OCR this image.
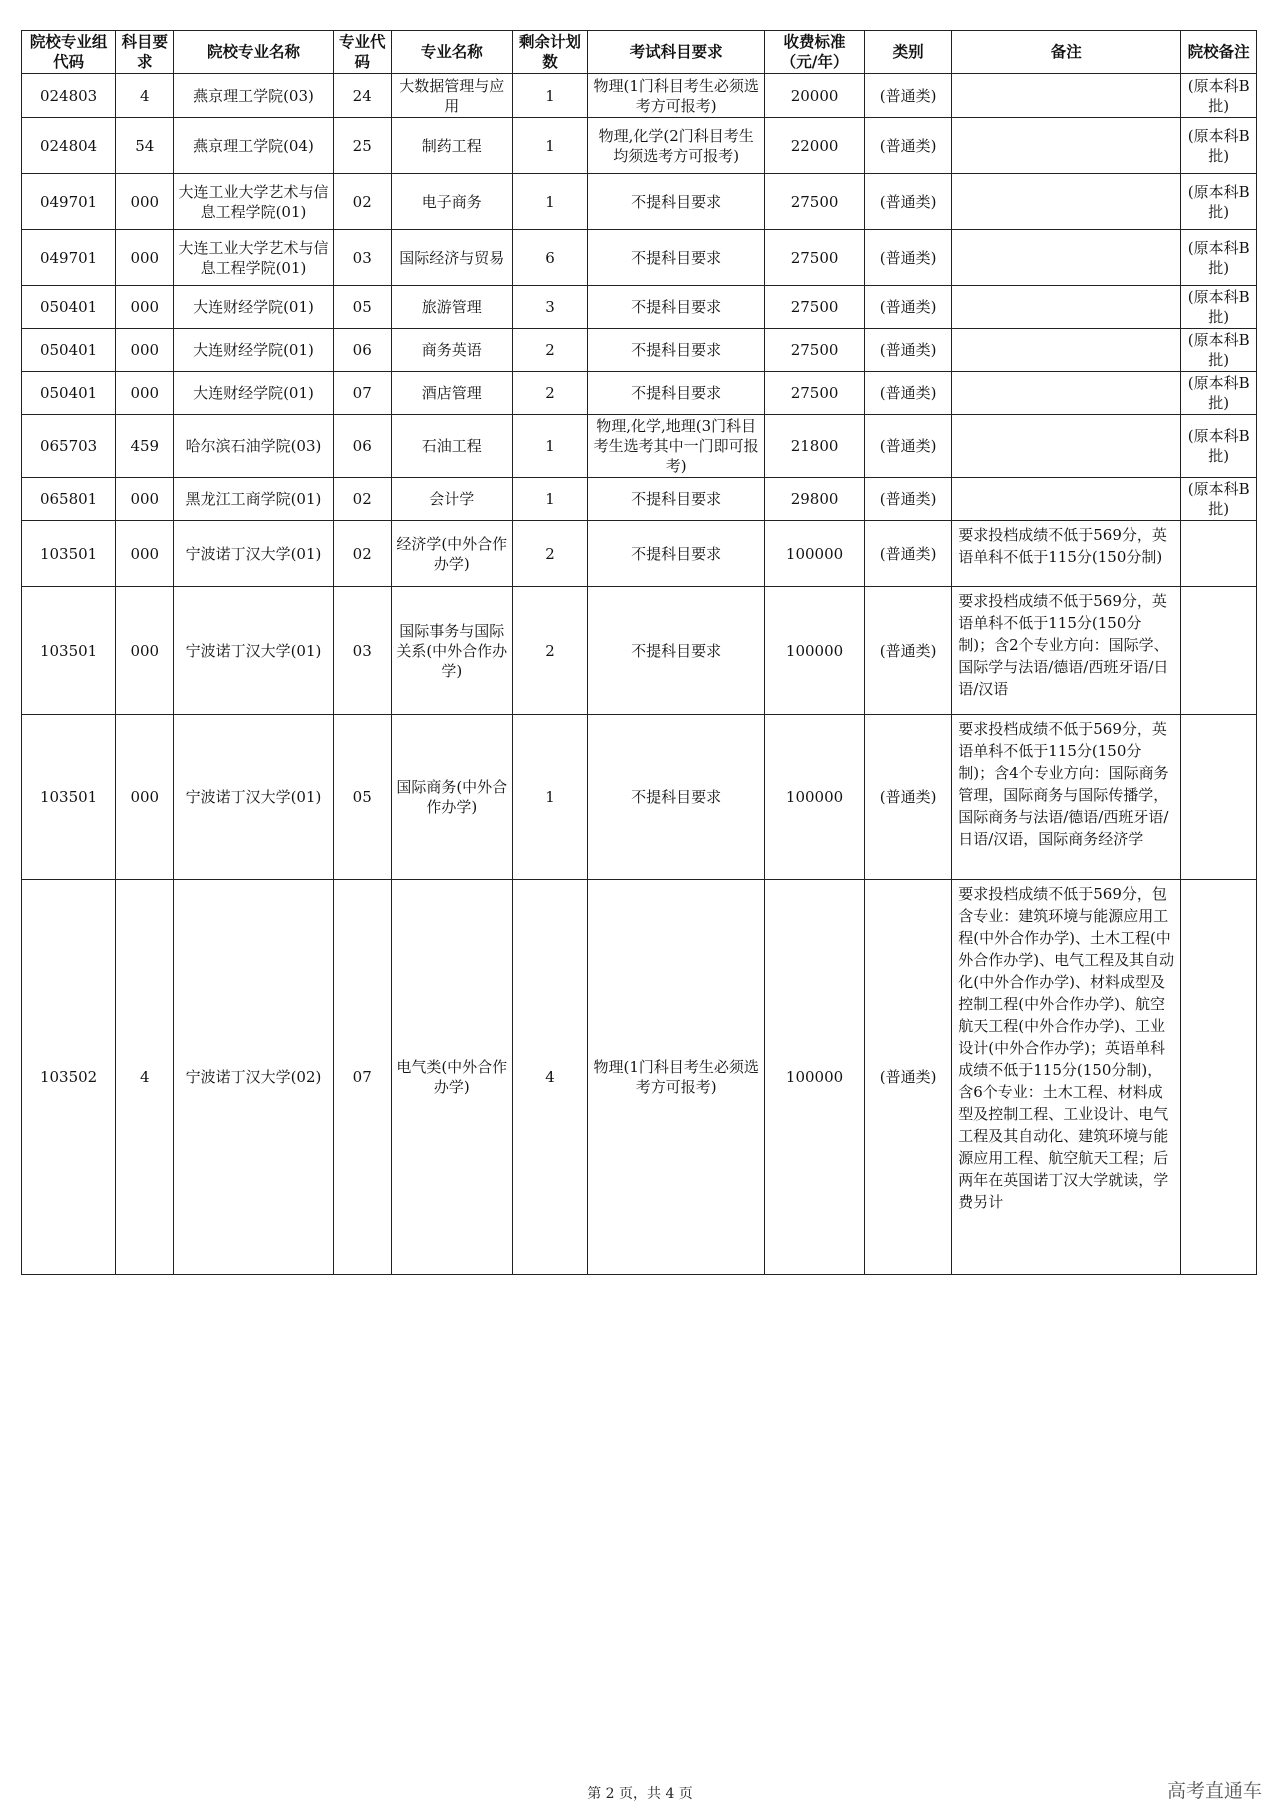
院校专业组代码	科目要求	院校专业名称	专业代码	专业名称	剩余计划数	考试科目要求	收费标准（元/年）	类别	备注	院校备注
024803	4	燕京理工学院(03)	24	大数据管理与应用	1	物理(1门科目考生必须选考方可报考)	20000	(普通类)		(原本科B批)
024804	54	燕京理工学院(04)	25	制药工程	1	物理,化学(2门科目考生均须选考方可报考)	22000	(普通类)		(原本科B批)
049701	000	大连工业大学艺术与信息工程学院(01)	02	电子商务	1	不提科目要求	27500	(普通类)		(原本科B批)
049701	000	大连工业大学艺术与信息工程学院(01)	03	国际经济与贸易	6	不提科目要求	27500	(普通类)		(原本科B批)
050401	000	大连财经学院(01)	05	旅游管理	3	不提科目要求	27500	(普通类)		(原本科B批)
050401	000	大连财经学院(01)	06	商务英语	2	不提科目要求	27500	(普通类)		(原本科B批)
050401	000	大连财经学院(01)	07	酒店管理	2	不提科目要求	27500	(普通类)		(原本科B批)
065703	459	哈尔滨石油学院(03)	06	石油工程	1	物理,化学,地理(3门科目考生选考其中一门即可报考)	21800	(普通类)		(原本科B批)
065801	000	黑龙江工商学院(01)	02	会计学	1	不提科目要求	29800	(普通类)		(原本科B批)
103501	000	宁波诺丁汉大学(01)	02	经济学(中外合作办学)	2	不提科目要求	100000	(普通类)	要求投档成绩不低于569分，英语单科不低于115分(150分制)	
103501	000	宁波诺丁汉大学(01)	03	国际事务与国际关系(中外合作办学)	2	不提科目要求	100000	(普通类)	要求投档成绩不低于569分，英语单科不低于115分(150分制)；含2个专业方向：国际学、国际学与法语/德语/西班牙语/日语/汉语	
103501	000	宁波诺丁汉大学(01)	05	国际商务(中外合作办学)	1	不提科目要求	100000	(普通类)	要求投档成绩不低于569分，英语单科不低于115分(150分制)；含4个专业方向：国际商务管理，国际商务与国际传播学，国际商务与法语/德语/西班牙语/日语/汉语，国际商务经济学	
103502	4	宁波诺丁汉大学(02)	07	电气类(中外合作办学)	4	物理(1门科目考生必须选考方可报考)	100000	(普通类)	要求投档成绩不低于569分，包含专业：建筑环境与能源应用工程(中外合作办学)、土木工程(中外合作办学)、电气工程及其自动化(中外合作办学)、材料成型及控制工程(中外合作办学)、航空航天工程(中外合作办学)、工业设计(中外合作办学)；英语单科成绩不低于115分(150分制)，含6个专业：土木工程、材料成型及控制工程、工业设计、电气工程及其自动化、建筑环境与能源应用工程、航空航天工程；后两年在英国诺丁汉大学就读，学费另计	
第 2 页，共 4 页	高考直通车
